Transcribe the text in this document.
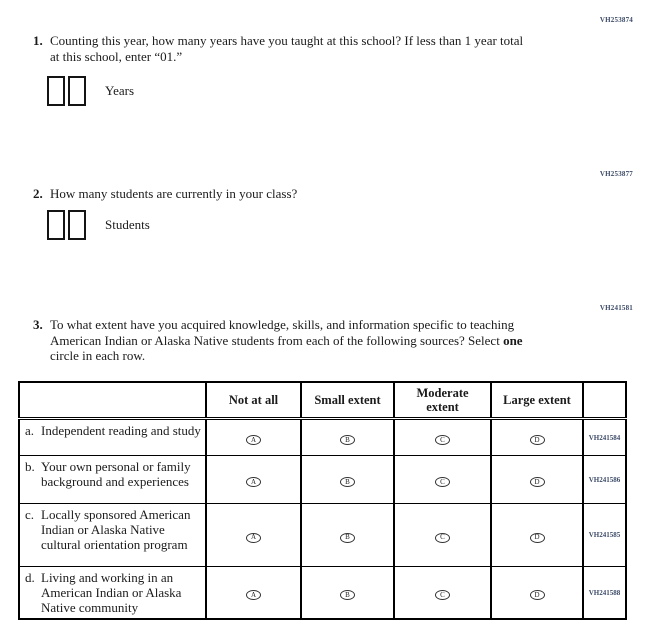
VH253874
VH253877
VH241581
1. Counting this year, how many years have you taught at this school? If less than 1 year total at this school, enter “01.”

Years
2. How many students are currently in your class?

Students
3. To what extent have you acquired knowledge, skills, and information specific to teaching American Indian or Alaska Native students from each of the following sources? Select one circle in each row.

	Not at all	Small extent	Moderate extent	Large extent	

a. Independent reading and study	A	B	C	D	VH241584

b. Your own personal or family background and experiences	A	B	C	D	VH241586

c. Locally sponsored American Indian or Alaska Native cultural orientation program	A	B	C	D	VH241585

d. Living and working in an American Indian or Alaska Native community	A	B	C	D	VH241588
